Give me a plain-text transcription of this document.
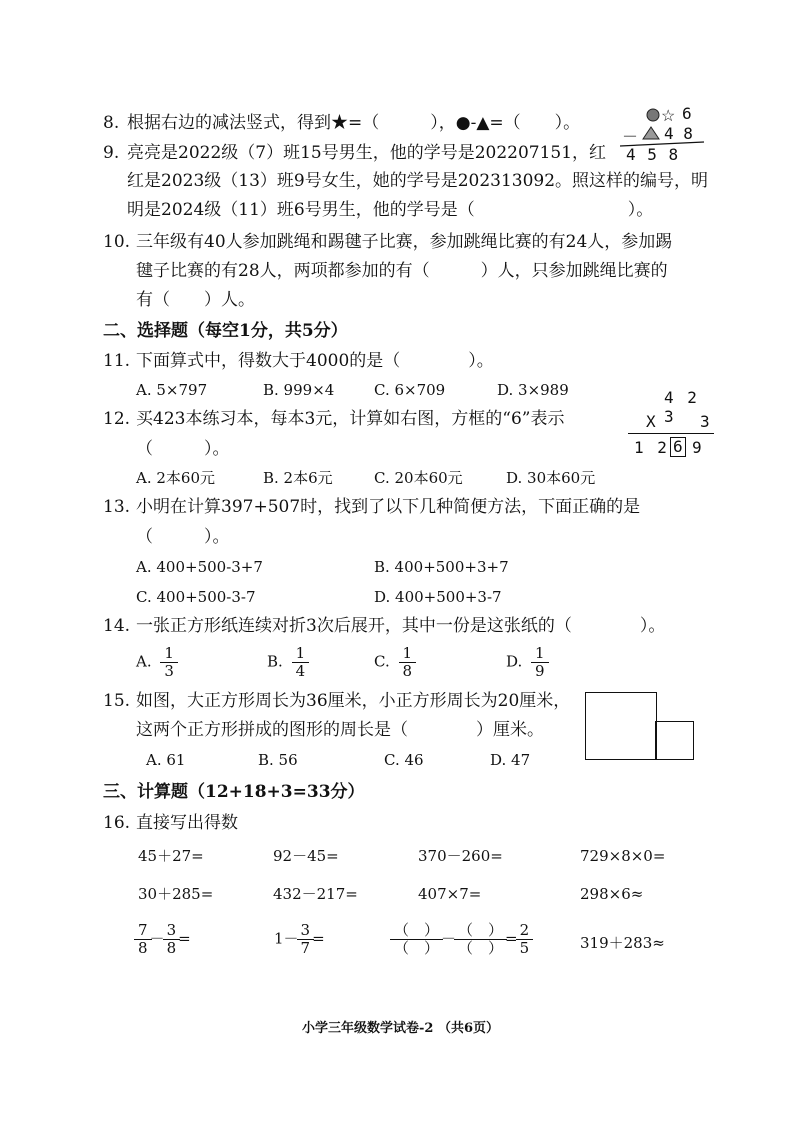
8. 根据右边的减法竖式，得到★=（　　　），●-▲=（　　）。	☆ 6
－ 4 8
4 5 8
9. 亮亮是2022级（7）班15号男生，他的学号是202207151，红
红是2023级（13）班9号女生，她的学号是202313092。照这样的编号，明
明是2024级（11）班6号男生，他的学号是（　　　　　　　　　）。
10. 三年级有40人参加跳绳和踢毽子比赛，参加跳绳比赛的有24人，参加踢
毽子比赛的有28人，两项都参加的有（　　　）人，只参加跳绳比赛的
有（　　）人。
二、选择题（每空1分，共5分）
11. 下面算式中，得数大于4000的是（　　　　）。
A. 5×797	B. 999×4	C. 6×709	D. 3×989	4 2 3
X	3
1 2 6 9
12. 买423本练习本，每本3元，计算如右图，方框的“6”表示
（　　　）。
A. 2本60元	B. 2本6元	C. 20本60元	D. 30本60元
13. 小明在计算397+507时，找到了以下几种简便方法，下面正确的是
（　　　）。
A. 400+500-3+7	B. 400+500+3+7
C. 400+500-3-7	D. 400+500+3-7
14. 一张正方形纸连续对折3次后展开，其中一份是这张纸的（　　　　）。
A. $\frac{1}{3}$	B. $\frac{1}{4}$	C. $\frac{1}{8}$	D. $\frac{1}{9}$
15. 如图，大正方形周长为36厘米，小正方形周长为20厘米，
这两个正方形拼成的图形的周长是（　　　　）厘米。
A. 61	B. 56	C. 46	D. 47
三、计算题（12+18+3=33分）
16. 直接写出得数
45＋27=	92－45=	370－260=	729×8×0=
30＋285=	432－217=	407×7=	298×6≈
$\frac{7}{8} - \frac{3}{8}$ =	$1- \frac{3}{7}$ =	$\frac{( )}{( )} - \frac{( )}{( )} = \frac{2}{5}$	319＋283≈
小学三年级数学试卷-2 （共6页）
